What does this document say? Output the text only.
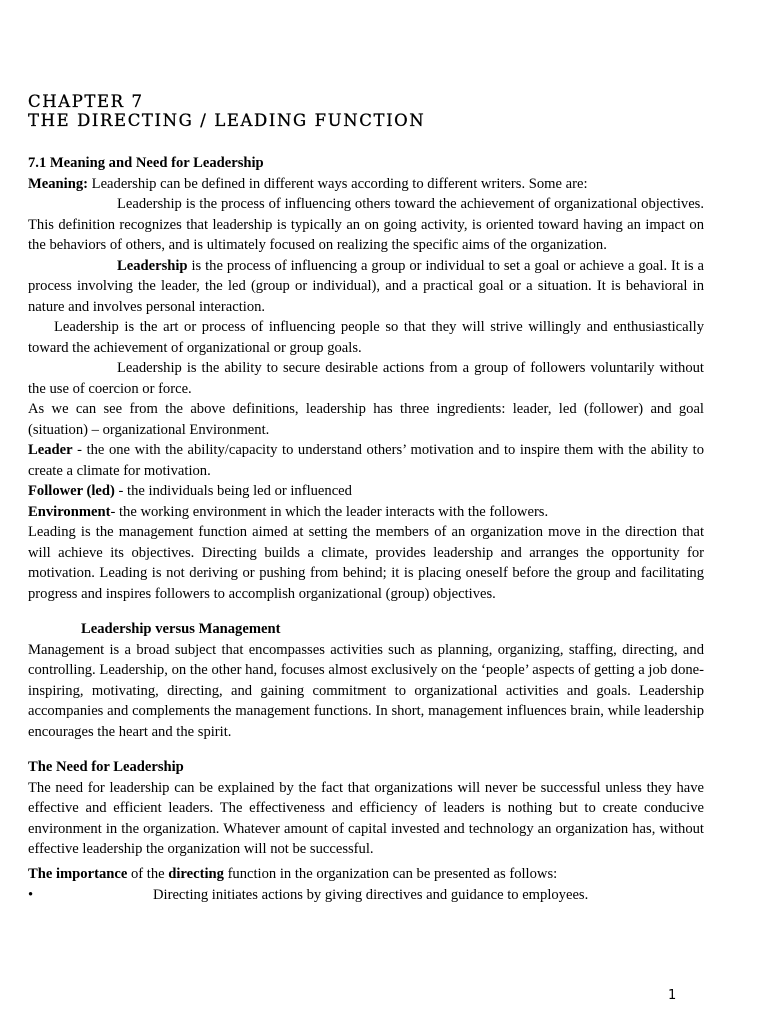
CHAPTER 7
THE DIRECTING / LEADING FUNCTION
7.1 Meaning and Need for Leadership

Meaning: Leadership can be defined in different ways according to different writers. Some are:

Leadership is the process of influencing others toward the achievement of organizational objectives. This definition recognizes that leadership is typically an on going activity, is oriented toward having an impact on the behaviors of others, and is ultimately focused on realizing the specific aims of the organization.

Leadership is the process of influencing a group or individual to set a goal or achieve a goal. It is a process involving the leader, the led (group or individual), and a practical goal or a situation. It is behavioral in nature and involves personal interaction.

Leadership is the art or process of influencing people so that they will strive willingly and enthusiastically toward the achievement of organizational or group goals.

Leadership is the ability to secure desirable actions from a group of followers voluntarily without the use of coercion or force.

As we can see from the above definitions, leadership has three ingredients: leader, led (follower) and goal (situation) – organizational Environment.

Leader - the one with the ability/capacity to understand others’ motivation and to inspire them with the ability to create a climate for motivation.

Follower (led) - the individuals being led or influenced

Environment- the working environment in which the leader interacts with the followers.

Leading is the management function aimed at setting the members of an organization move in the direction that will achieve its objectives. Directing builds a climate, provides leadership and arranges the opportunity for motivation. Leading is not deriving or pushing from behind; it is placing oneself before the group and facilitating progress and inspires followers to accomplish organizational (group) objectives.

Leadership versus Management

Management is a broad subject that encompasses activities such as planning, organizing, staffing, directing, and controlling. Leadership, on the other hand, focuses almost exclusively on the ‘people’ aspects of getting a job done-inspiring, motivating, directing, and gaining commitment to organizational activities and goals. Leadership accompanies and complements the management functions. In short, management influences brain, while leadership encourages the heart and the spirit.

The Need for Leadership

The need for leadership can be explained by the fact that organizations will never be successful unless they have effective and efficient leaders. The effectiveness and efficiency of leaders is nothing but to create conducive environment in the organization. Whatever amount of capital invested and technology an organization has, without effective leadership the organization will not be successful.

The importance of the directing function in the organization can be presented as follows:

•	Directing initiates actions by giving directives and guidance to employees.
1
